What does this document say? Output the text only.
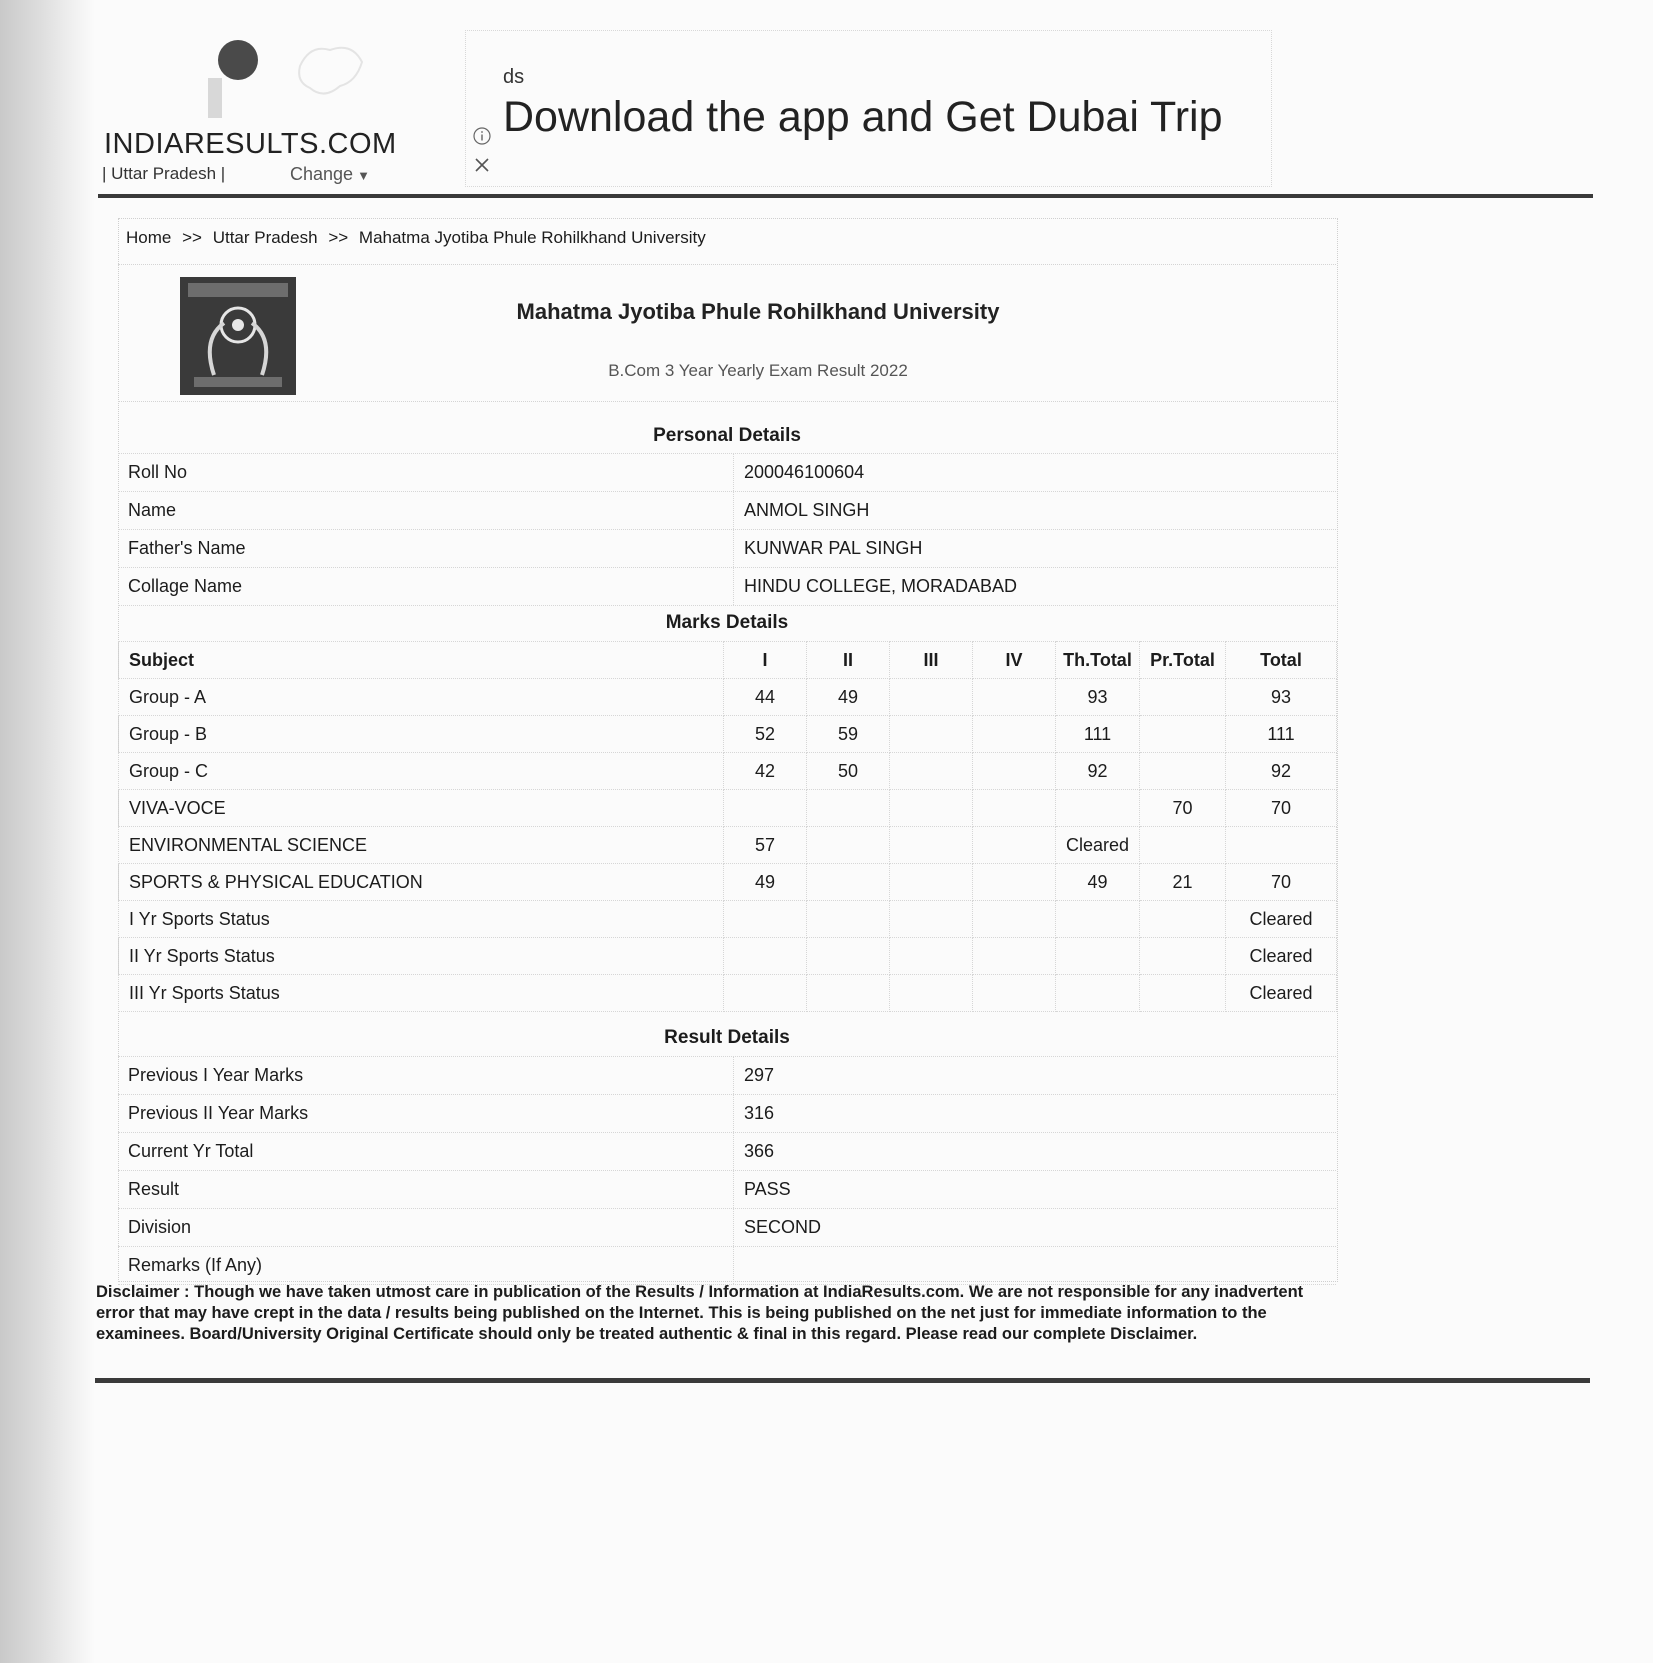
INDIARESULTS.COM
| Uttar Pradesh |	Change ▼
ds
Download the app and Get Dubai Trip
Home >> Uttar Pradesh >> Mahatma Jyotiba Phule Rohilkhand University
Mahatma Jyotiba Phule Rohilkhand University
B.Com 3 Year Yearly Exam Result 2022
Personal Details
Roll No	200046100604
Name	ANMOL SINGH
Father's Name	KUNWAR PAL SINGH
Collage Name	HINDU COLLEGE, MORADABAD
Marks Details
Subject	I	II	III	IV	Th.Total	Pr.Total	Total
Group - A	44	49			93		93
Group - B	52	59			111		111
Group - C	42	50			92		92
VIVA-VOCE						70	70
ENVIRONMENTAL SCIENCE	57				Cleared		
SPORTS & PHYSICAL EDUCATION	49				49	21	70
I Yr Sports Status							Cleared
II Yr Sports Status							Cleared
III Yr Sports Status							Cleared
Result Details
Previous I Year Marks	297
Previous II Year Marks	316
Current Yr Total	366
Result	PASS
Division	SECOND
Remarks (If Any)
Disclaimer : Though we have taken utmost care in publication of the Results / Information at IndiaResults.com. We are not responsible for any inadvertent error that may have crept in the data / results being published on the Internet. This is being published on the net just for immediate information to the examinees. Board/University Original Certificate should only be treated authentic & final in this regard. Please read our complete Disclaimer.
